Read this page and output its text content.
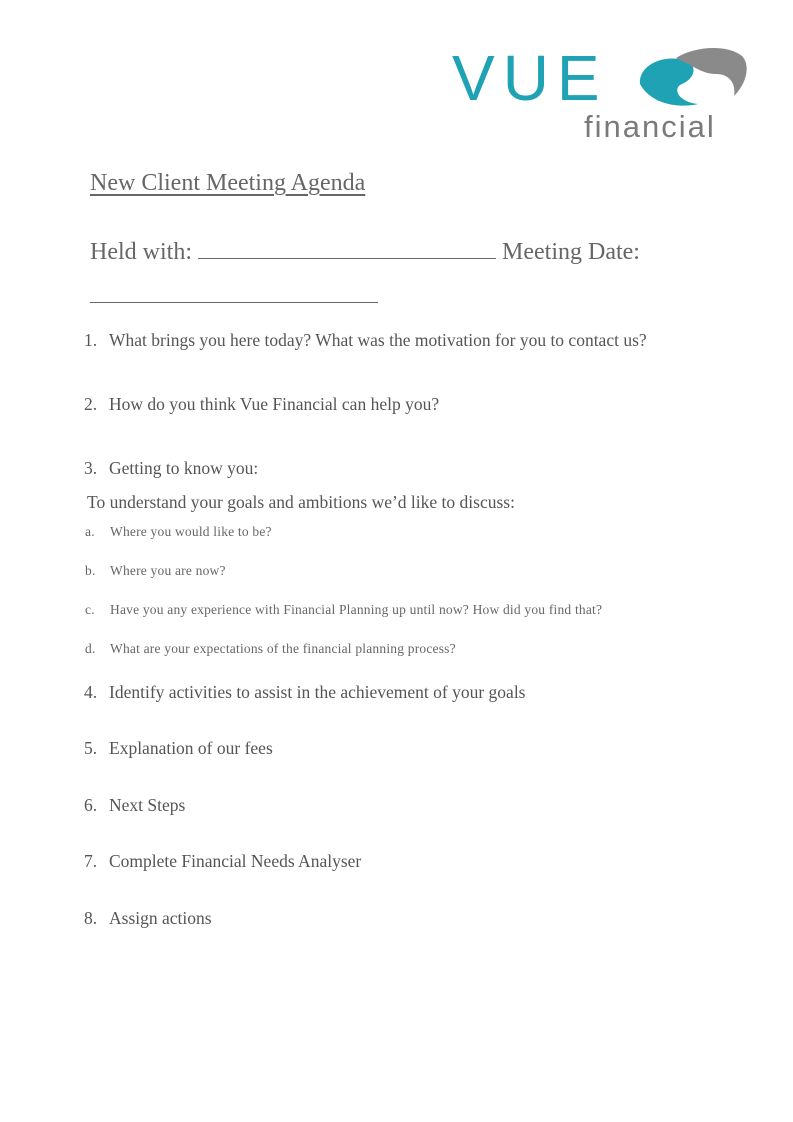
VUE
financial
New Client Meeting Agenda
Held with:	Meeting Date:
1. What brings you here today? What was the motivation for you to contact us?
2. How do you think Vue Financial can help you?
3. Getting to know you:
To understand your goals and ambitions we’d like to discuss:
a. Where you would like to be?
b. Where you are now?
c. Have you any experience with Financial Planning up until now? How did you find that?
d. What are your expectations of the financial planning process?
4. Identify activities to assist in the achievement of your goals
5. Explanation of our fees
6. Next Steps
7. Complete Financial Needs Analyser
8. Assign actions
